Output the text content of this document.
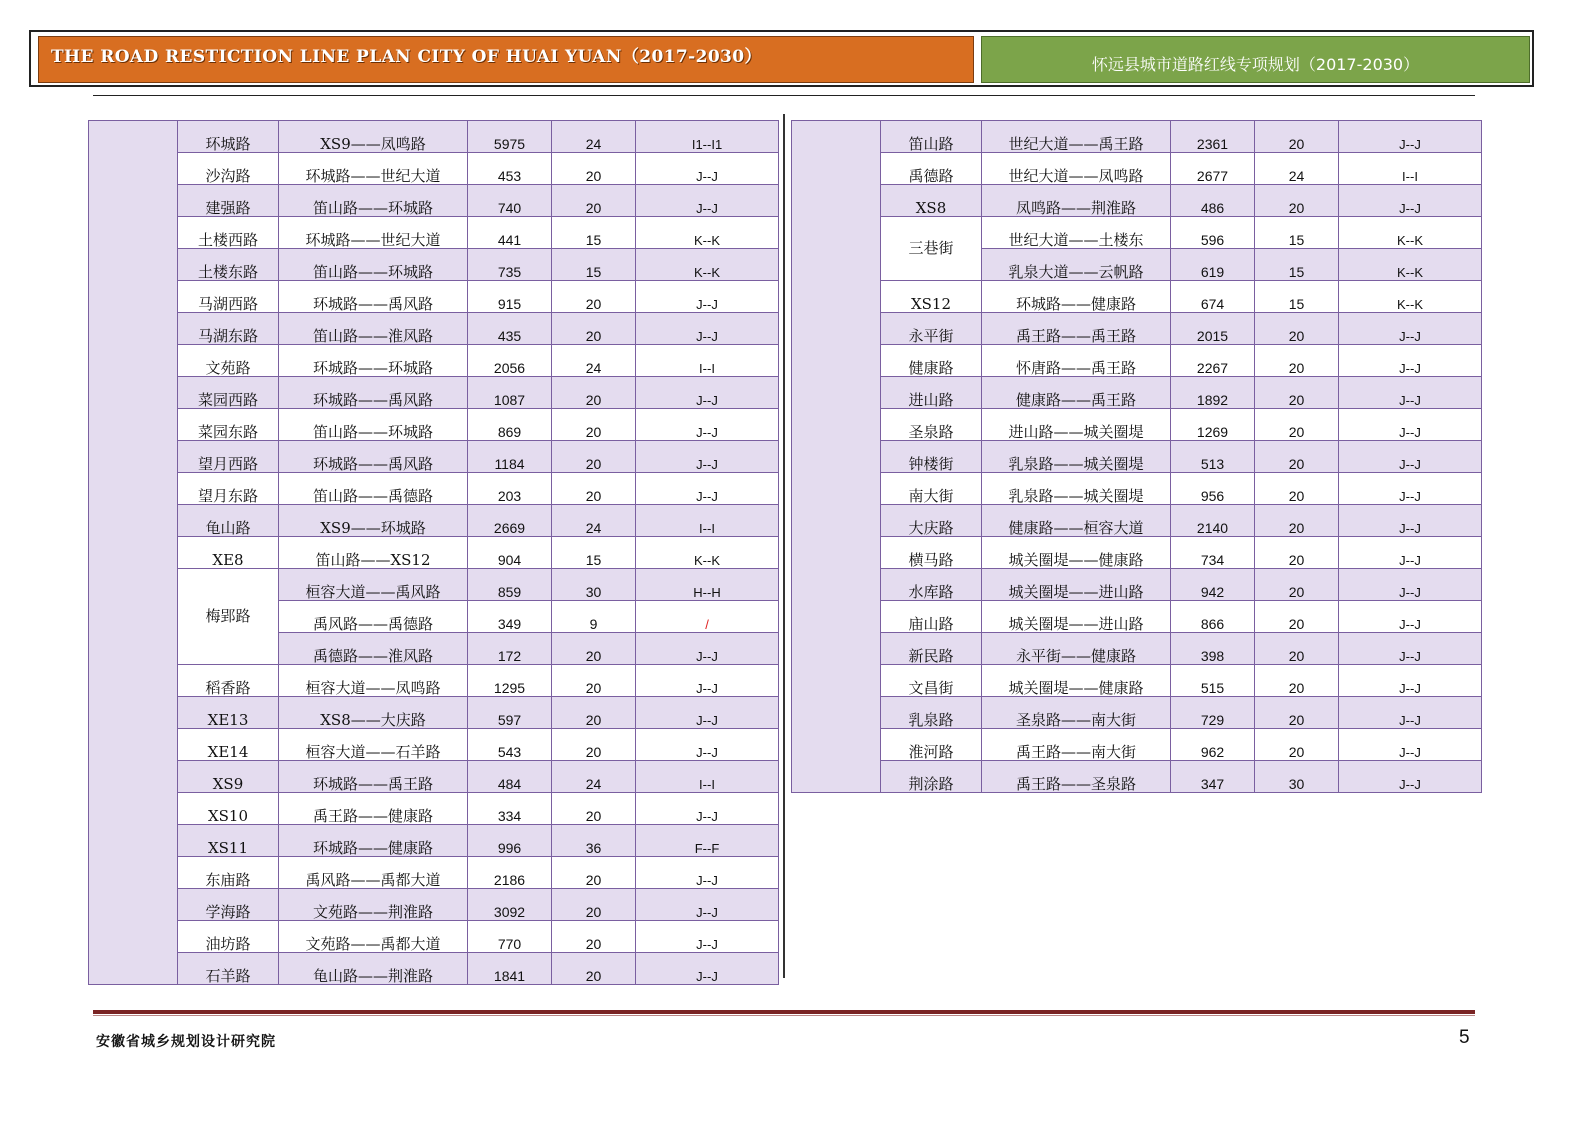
THE ROAD RESTICTION LINE PLAN CITY OF HUAI YUAN（2017-2030）	怀远县城市道路红线专项规划（2017-2030）
	环城路	XS9——凤鸣路	5975	24	I1--I1
	沙沟路	环城路——世纪大道	453	20	J--J
	建强路	笛山路——环城路	740	20	J--J
	土楼西路	环城路——世纪大道	441	15	K--K
	土楼东路	笛山路——环城路	735	15	K--K
	马湖西路	环城路——禹风路	915	20	J--J
	马湖东路	笛山路——淮风路	435	20	J--J
	文苑路	环城路——环城路	2056	24	I--I
	菜园西路	环城路——禹风路	1087	20	J--J
	菜园东路	笛山路——环城路	869	20	J--J
	望月西路	环城路——禹风路	1184	20	J--J
	望月东路	笛山路——禹德路	203	20	J--J
	龟山路	XS9——环城路	2669	24	I--I
	XE8	笛山路——XS12	904	15	K--K
	梅郢路	桓容大道——禹风路	859	30	H--H
		禹风路——禹德路	349	9	/
		禹德路——淮风路	172	20	J--J
	稻香路	桓容大道——凤鸣路	1295	20	J--J
	XE13	XS8——大庆路	597	20	J--J
	XE14	桓容大道——石羊路	543	20	J--J
	XS9	环城路——禹王路	484	24	I--I
	XS10	禹王路——健康路	334	20	J--J
	XS11	环城路——健康路	996	36	F--F
	东庙路	禹风路——禹都大道	2186	20	J--J
	学海路	文苑路——荆淮路	3092	20	J--J
	油坊路	文苑路——禹都大道	770	20	J--J
	石羊路	龟山路——荆淮路	1841	20	J--J
	笛山路	世纪大道——禹王路	2361	20	J--J
	禹德路	世纪大道——凤鸣路	2677	24	I--I
	XS8	凤鸣路——荆淮路	486	20	J--J
	三巷街	世纪大道——土楼东	596	15	K--K
		乳泉大道——云帆路	619	15	K--K
	XS12	环城路——健康路	674	15	K--K
	永平街	禹王路——禹王路	2015	20	J--J
	健康路	怀唐路——禹王路	2267	20	J--J
	进山路	健康路——禹王路	1892	20	J--J
	圣泉路	进山路——城关圈堤	1269	20	J--J
	钟楼街	乳泉路——城关圈堤	513	20	J--J
	南大街	乳泉路——城关圈堤	956	20	J--J
	大庆路	健康路——桓容大道	2140	20	J--J
	横马路	城关圈堤——健康路	734	20	J--J
	水库路	城关圈堤——进山路	942	20	J--J
	庙山路	城关圈堤——进山路	866	20	J--J
	新民路	永平街——健康路	398	20	J--J
	文昌街	城关圈堤——健康路	515	20	J--J
	乳泉路	圣泉路——南大街	729	20	J--J
	淮河路	禹王路——南大街	962	20	J--J
	荆涂路	禹王路——圣泉路	347	30	J--J
安徽省城乡规划设计研究院	5
